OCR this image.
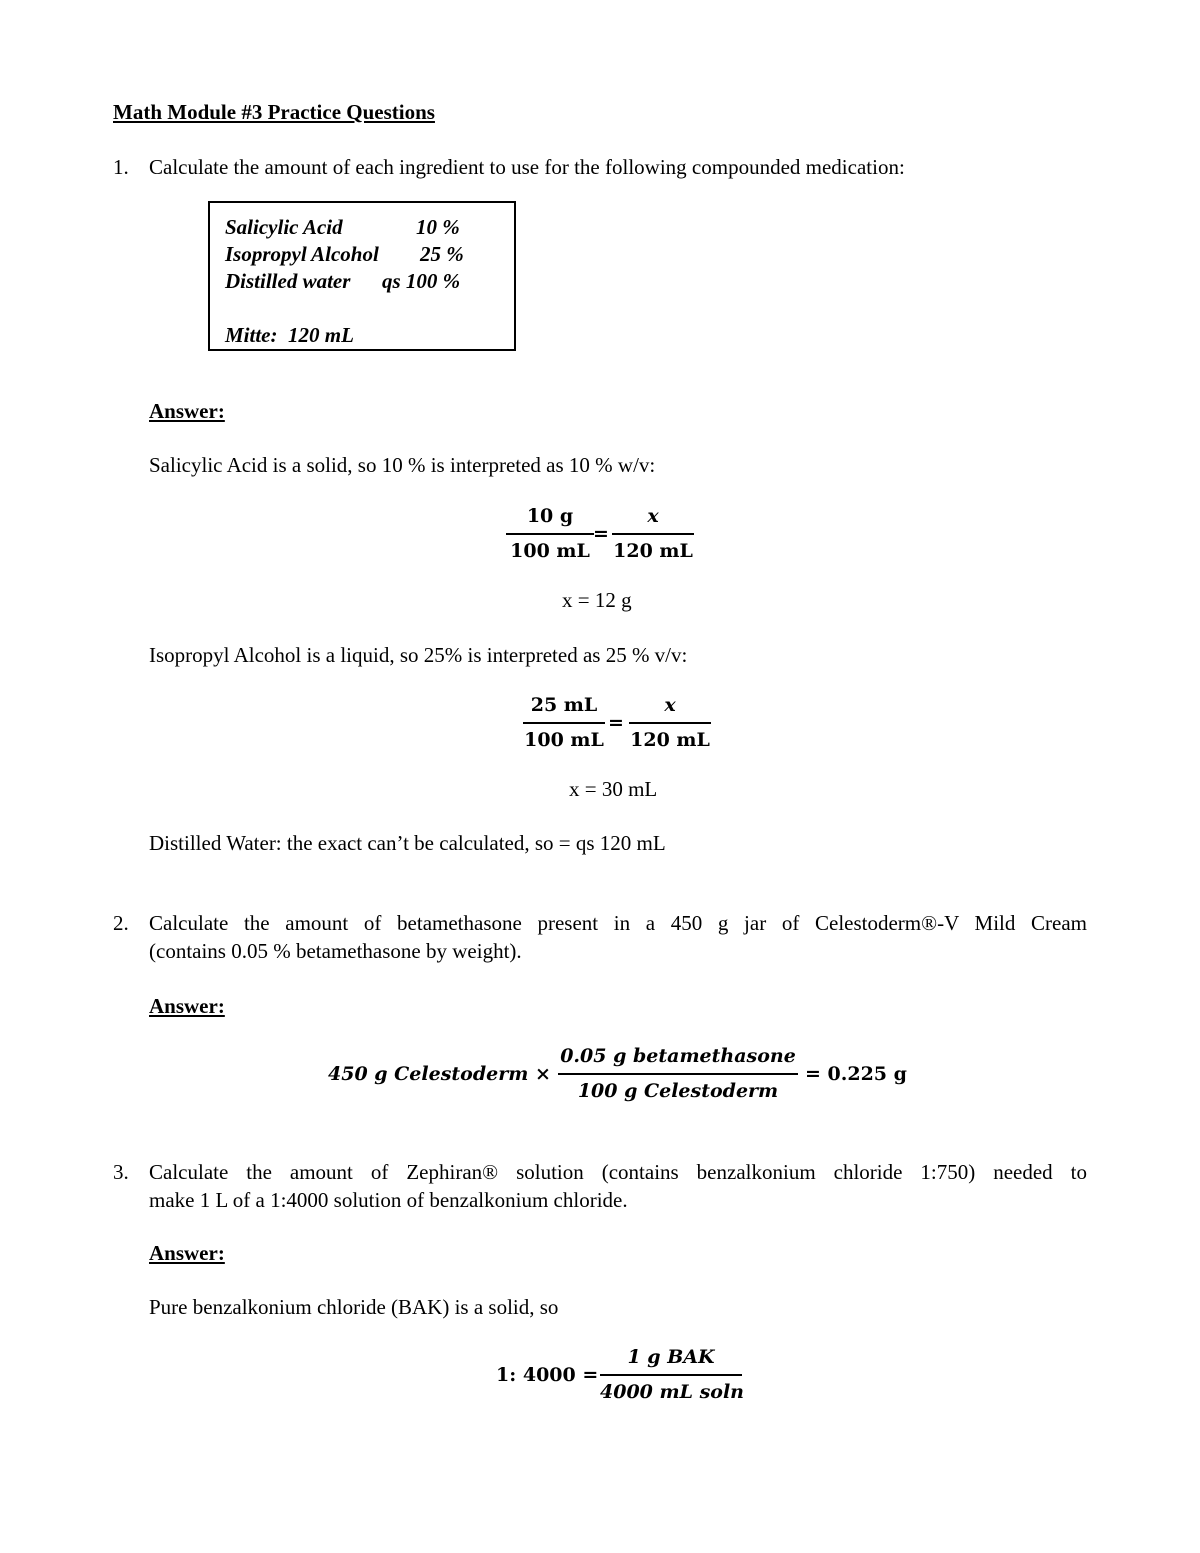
Math Module #3 Practice Questions
1. Calculate the amount of each ingredient to use for the following compounded medication:
Salicylic Acid	10 %
Isopropyl Alcohol 25 %
Distilled water qs 100 %
Mitte:  120 mL
Answer:
Salicylic Acid is a solid, so 10 % is interpreted as 10 % w/v:
10 g
100 mL
=
x
120 mL
x = 12 g
Isopropyl Alcohol is a liquid, so 25% is interpreted as 25 % v/v:
25 mL
100 mL
=
x
120 mL
x = 30 mL
Distilled Water: the exact can’t be calculated, so = qs 120 mL
2. Calculate the amount of betamethasone present in a 450 g jar of Celestoderm®-V Mild Cream
(contains 0.05 % betamethasone by weight).
Answer:
450 g Celestoderm ×
0.05 g betamethasone
100 g Celestoderm
= 0.225 g
3. Calculate the amount of Zephiran® solution (contains benzalkonium chloride 1:750) needed to
make 1 L of a 1:4000 solution of benzalkonium chloride.
Answer:
Pure benzalkonium chloride (BAK) is a solid, so
1: 4000 =
1 g BAK
4000 mL soln
